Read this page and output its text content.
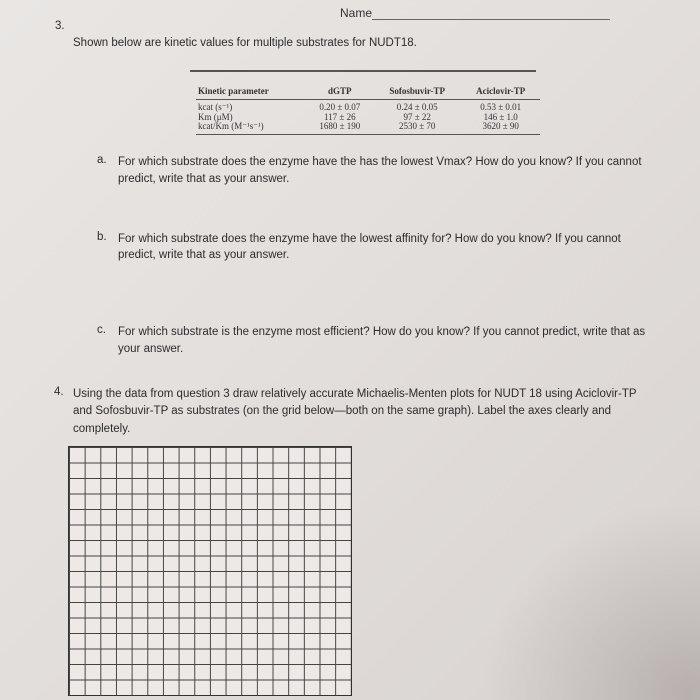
Name
3.
Shown below are kinetic values for multiple substrates for NUDT18.
Kinetic parameter	dGTP	Sofosbuvir-TP	Aciclovir-TP
kcat (s⁻¹)	0.20 ± 0.07	0.24 ± 0.05	0.53 ± 0.01
Km (μM)	117 ± 26	97 ± 22	146 ± 1.0
kcat/Km (M⁻¹s⁻¹)	1680 ± 190	2530 ± 70	3620 ± 90
a. For which substrate does the enzyme have the has the lowest Vmax? How do you know? If you cannot
predict, write that as your answer.
b. For which substrate does the enzyme have the lowest affinity for? How do you know? If you cannot
predict, write that as your answer.
c. For which substrate is the enzyme most efficient? How do you know? If you cannot predict, write that as
your answer.
4. Using the data from question 3 draw relatively accurate Michaelis-Menten plots for NUDT 18 using Aciclovir-TP
and Sofosbuvir-TP as substrates (on the grid below—both on the same graph). Label the axes clearly and
completely.
